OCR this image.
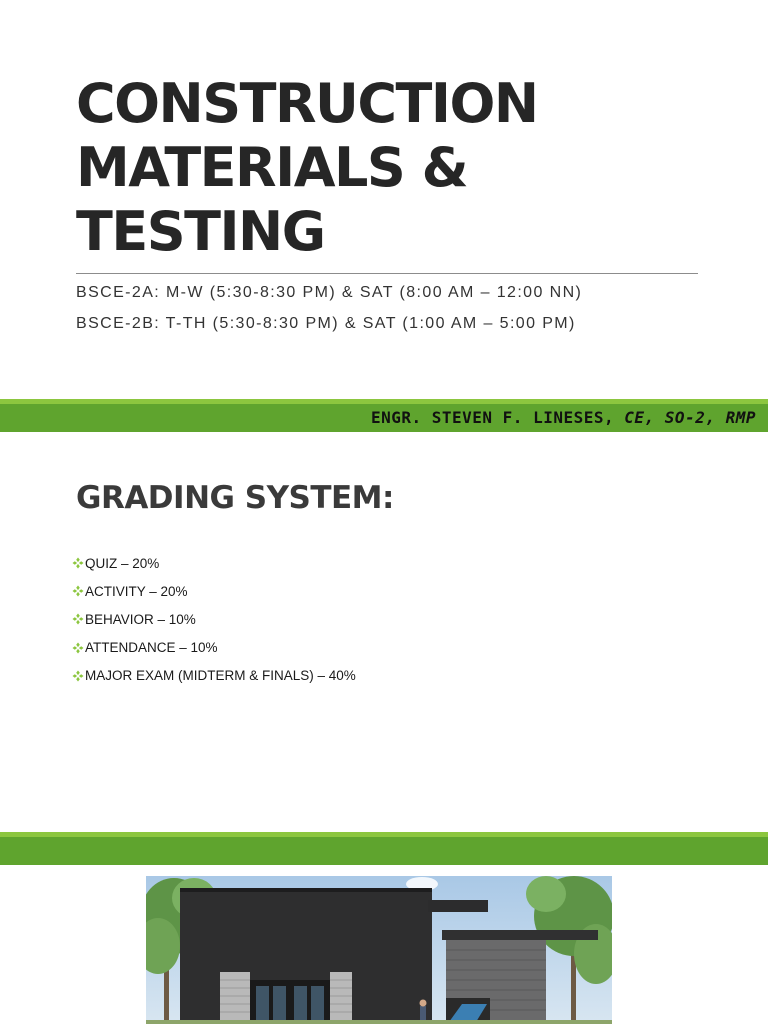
CONSTRUCTION
MATERIALS &
TESTING

BSCE-2A: M-W (5:30-8:30 PM) & SAT (8:00 AM – 12:00 NN)

BSCE-2B: T-TH (5:30-8:30 PM) & SAT (1:00 AM – 5:00 PM)

ENGR. STEVEN F. LINESES, CE, SO-2, RMP

GRADING SYSTEM:
QUIZ – 20%
ACTIVITY – 20%
BEHAVIOR – 10%
ATTENDANCE – 10%
MAJOR EXAM (MIDTERM & FINALS) – 40%
